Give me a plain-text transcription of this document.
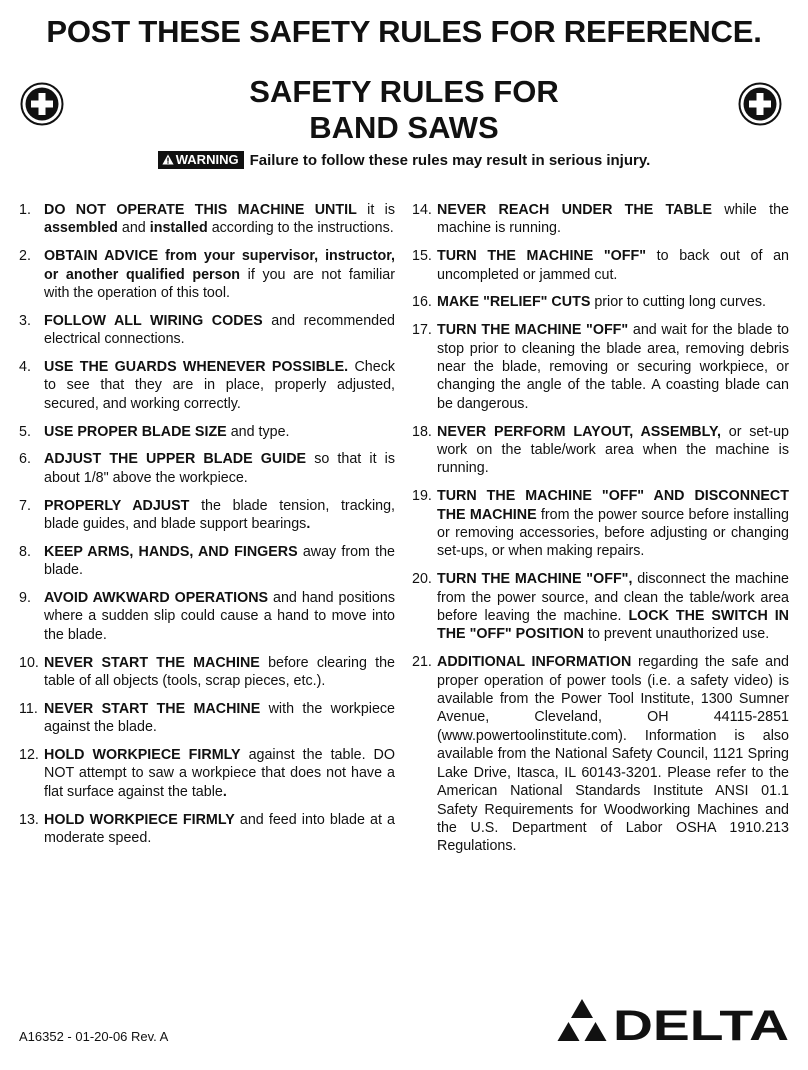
POST THESE SAFETY RULES FOR REFERENCE.
SAFETY RULES FOR
BAND SAWS
WARNING Failure to follow these rules may result in serious injury.
1. DO NOT OPERATE THIS MACHINE UNTIL it is assembled and installed according to the instructions.
2. OBTAIN ADVICE from your supervisor, instructor, or another qualified person if you are not familiar with the operation of this tool.
3. FOLLOW ALL WIRING CODES and recommended electrical connections.
4. USE THE GUARDS WHENEVER POSSIBLE. Check to see that they are in place, properly adjusted, secured, and working correctly.
5. USE PROPER BLADE SIZE and type.
6. ADJUST THE UPPER BLADE GUIDE so that it is about 1/8" above the workpiece.
7. PROPERLY ADJUST the blade tension, tracking, blade guides, and blade support bearings.
8. KEEP ARMS, HANDS, AND FINGERS away from the blade.
9. AVOID AWKWARD OPERATIONS and hand positions where a sudden slip could cause a hand to move into the blade.
10. NEVER START THE MACHINE before clearing the table of all objects (tools, scrap pieces, etc.).
11. NEVER START THE MACHINE with the workpiece against the blade.
12. HOLD WORKPIECE FIRMLY against the table. DO NOT attempt to saw a workpiece that does not have a flat surface against the table.
13. HOLD WORKPIECE FIRMLY and feed into blade at a moderate speed.
14. NEVER REACH UNDER THE TABLE while the machine is running.
15. TURN THE MACHINE "OFF" to back out of an uncompleted or jammed cut.
16. MAKE "RELIEF" CUTS prior to cutting long curves.
17. TURN THE MACHINE "OFF" and wait for the blade to stop prior to cleaning the blade area, removing debris near the blade, removing or securing workpiece, or changing the angle of the table. A coasting blade can be dangerous.
18. NEVER PERFORM LAYOUT, ASSEMBLY, or set-up work on the table/work area when the machine is running.
19. TURN THE MACHINE "OFF" AND DISCONNECT THE MACHINE from the power source before installing or removing accessories, before adjusting or changing set-ups, or when making repairs.
20. TURN THE MACHINE "OFF", disconnect the machine from the power source, and clean the table/work area before leaving the machine. LOCK THE SWITCH IN THE "OFF" POSITION to prevent unauthorized use.
21. ADDITIONAL INFORMATION regarding the safe and proper operation of power tools (i.e. a safety video) is available from the Power Tool Institute, 1300 Sumner Avenue, Cleveland, OH 44115-2851 (www.powertoolinstitute.com). Information is also available from the National Safety Council, 1121 Spring Lake Drive, Itasca, IL 60143-3201. Please refer to the American National Standards Institute ANSI 01.1 Safety Requirements for Woodworking Machines and the U.S. Department of Labor OSHA 1910.213 Regulations.
A16352 - 01-20-06 Rev. A	DELTA
